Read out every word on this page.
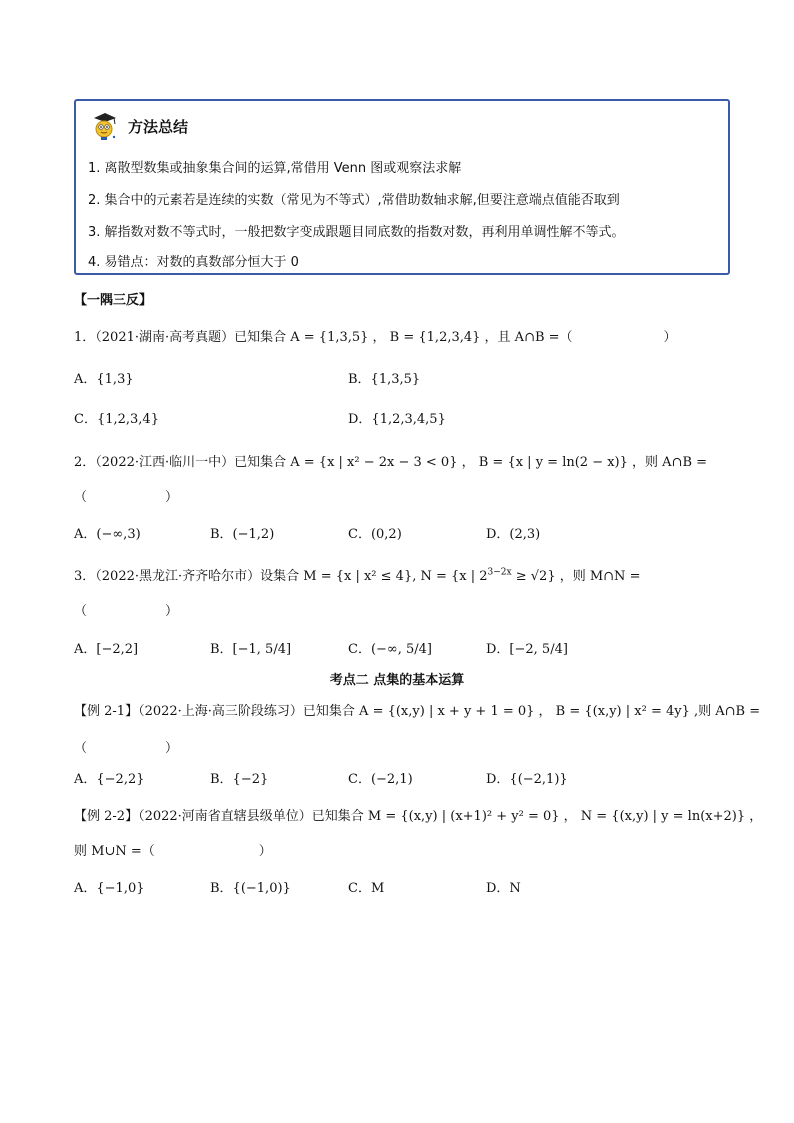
方法总结
1. 离散型数集或抽象集合间的运算,常借用 Venn 图或观察法求解
2. 集合中的元素若是连续的实数（常见为不等式）,常借助数轴求解,但要注意端点值能否取到
3. 解指数对数不等式时，一般把数字变成跟题目同底数的指数对数，再利用单调性解不等式。
4. 易错点：对数的真数部分恒大于 0
【一隅三反】
1．（2021·湖南·高考真题）已知集合 A = {1,3,5} ， B = {1,2,3,4} ，且 A∩B =（　　　　　　　）
A．{1,3}	B．{1,3,5}
C．{1,2,3,4}	D．{1,2,3,4,5}
2．（2022·江西·临川一中）已知集合 A = {x | x² − 2x − 3 < 0} ， B = {x | y = ln(2 − x)} ，则 A∩B =
（　　　　　　）
A．(−∞,3)	B．(−1,2)	C．(0,2)	D．(2,3)
3．（2022·黑龙江·齐齐哈尔市）设集合 M = {x | x² ≤ 4}, N = {x | $2^{3-2x} \ge √2$} ，则 M∩N =
（　　　　　　）
A．[−2,2]	B．[−1, 5/4]	C．(−∞, 5/4]	D．[−2, 5/4]
考点二 点集的基本运算
【例 2-1】（2022·上海·高三阶段练习）已知集合 A = {(x,y) | x + y + 1 = 0} ， B = {(x,y) | x² = 4y} ,则 A∩B =
（　　　　　　）
A．{−2,2}	B．{−2}	C．(−2,1)	D．{(−2,1)}
【例 2-2】（2022·河南省直辖县级单位）已知集合 M = {(x,y) | (x+1)² + y² = 0} ， N = {(x,y) | y = ln(x+2)} ，
则 M∪N =（　　　　　　　　）
A．{−1,0}	B．{(−1,0)}	C．M	D．N
